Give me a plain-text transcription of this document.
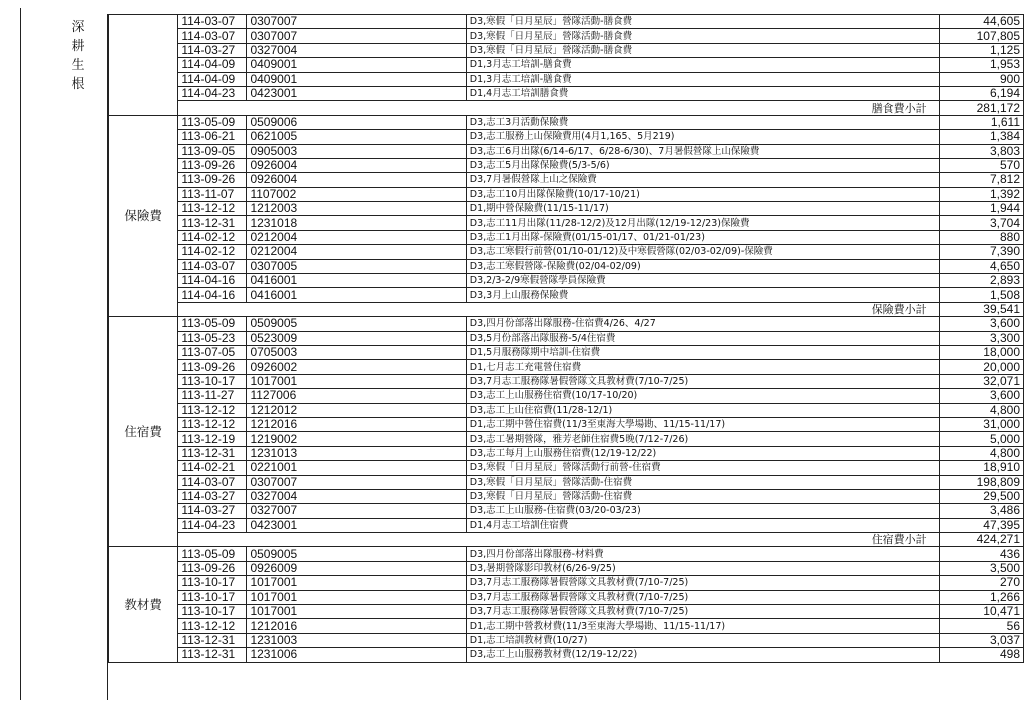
深耕生根
	114-03-07	0307007	D3,寒假「日月星辰」營隊活動-膳食費	44,605
	114-03-07	0307007	D3,寒假「日月星辰」營隊活動-膳食費	107,805
	114-03-27	0327004	D3,寒假「日月星辰」營隊活動-膳食費	1,125
	114-04-09	0409001	D1,3月志工培訓-膳食費	1,953
	114-04-09	0409001	D1,3月志工培訓-膳食費	900
	114-04-23	0423001	D1,4月志工培訓膳食費	6,194
	膳食費小計			281,172
保險費	113-05-09	0509006	D3,志工3月活動保險費	1,611
	113-06-21	0621005	D3,志工服務上山保險費用(4月1,165、5月219)	1,384
	113-09-05	0905003	D3,志工6月出隊(6/14-6/17、6/28-6/30)、7月暑假營隊上山保險費	3,803
	113-09-26	0926004	D3,志工5月出隊保險費(5/3-5/6)	570
	113-09-26	0926004	D3,7月暑假營隊上山之保險費	7,812
	113-11-07	1107002	D3,志工10月出隊保險費(10/17-10/21)	1,392
	113-12-12	1212003	D1,期中營保險費(11/15-11/17)	1,944
	113-12-31	1231018	D3,志工11月出隊(11/28-12/2)及12月出隊(12/19-12/23)保險費	3,704
	114-02-12	0212004	D3,志工1月出隊-保險費(01/15-01/17、01/21-01/23)	880
	114-02-12	0212004	D3,志工寒假行前營(01/10-01/12)及中寒假營隊(02/03-02/09)-保險費	7,390
	114-03-07	0307005	D3,志工寒假營隊-保險費(02/04-02/09)	4,650
	114-04-16	0416001	D3,2/3-2/9寒假營隊學員保險費	2,893
	114-04-16	0416001	D3,3月上山服務保險費	1,508
	保險費小計			39,541
住宿費	113-05-09	0509005	D3,四月份部落出隊服務-住宿費4/26、4/27	3,600
	113-05-23	0523009	D3,5月份部落出隊服務-5/4住宿費	3,300
	113-07-05	0705003	D1,5月服務隊期中培訓-住宿費	18,000
	113-09-26	0926002	D1,七月志工充電營住宿費	20,000
	113-10-17	1017001	D3,7月志工服務隊暑假營隊文具教材費(7/10-7/25)	32,071
	113-11-27	1127006	D3,志工上山服務住宿費(10/17-10/20)	3,600
	113-12-12	1212012	D3,志工上山住宿費(11/28-12/1)	4,800
	113-12-12	1212016	D1,志工期中營住宿費(11/3至東海大學場勘、11/15-11/17)	31,000
	113-12-19	1219002	D3,志工暑期營隊，雅芳老師住宿費5晚(7/12-7/26)	5,000
	113-12-31	1231013	D3,志工每月上山服務住宿費(12/19-12/22)	4,800
	114-02-21	0221001	D3,寒假「日月星辰」營隊活動行前營-住宿費	18,910
	114-03-07	0307007	D3,寒假「日月星辰」營隊活動-住宿費	198,809
	114-03-27	0327004	D3,寒假「日月星辰」營隊活動-住宿費	29,500
	114-03-27	0327007	D3,志工上山服務-住宿費(03/20-03/23)	3,486
	114-04-23	0423001	D1,4月志工培訓住宿費	47,395
	住宿費小計			424,271
教材費	113-05-09	0509005	D3,四月份部落出隊服務-材料費	436
	113-09-26	0926009	D3,暑期營隊影印教材(6/26-9/25)	3,500
	113-10-17	1017001	D3,7月志工服務隊暑假營隊文具教材費(7/10-7/25)	270
	113-10-17	1017001	D3,7月志工服務隊暑假營隊文具教材費(7/10-7/25)	1,266
	113-10-17	1017001	D3,7月志工服務隊暑假營隊文具教材費(7/10-7/25)	10,471
	113-12-12	1212016	D1,志工期中營教材費(11/3至東海大學場勘、11/15-11/17)	56
	113-12-31	1231003	D1,志工培訓教材費(10/27)	3,037
	113-12-31	1231006	D3,志工上山服務教材費(12/19-12/22)	498
